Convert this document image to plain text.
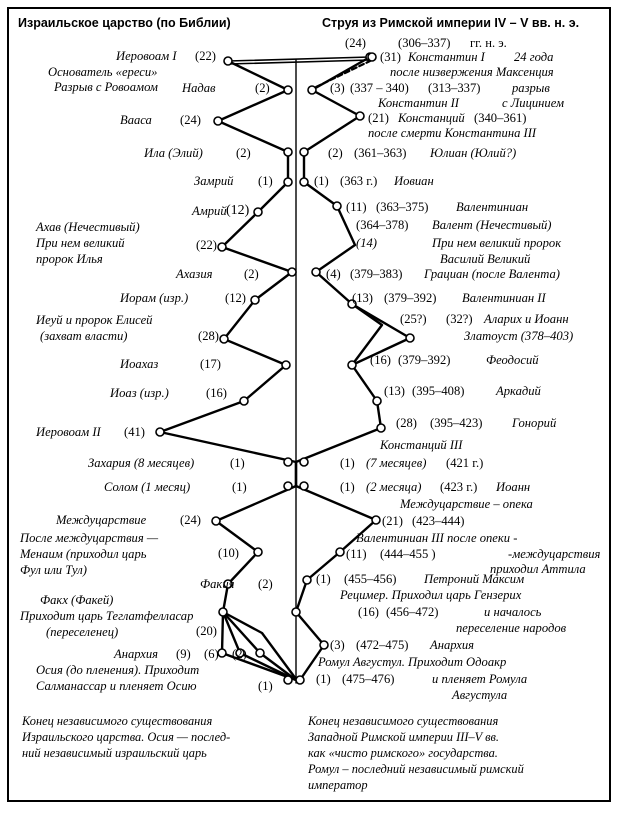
Израильское царство (по Библии)	Струя из Римской империи IV – V вв. н. э.
Иеровоам I (22)
Основатель «ереси»
Надав	(2)
Разрыв с Ровоамом
Вааса (24)
Ила (Элий)	(2)
Замрий (1)
Амрий (12)
Ахав (Нечестивый)
(22)
При нем великий
пророк Илья
Ахазия	(2)
Иорам (изр.)	(12)
Иеуй и пророк Елисей
(28)
(захват власти)
Иоахаз	(17)
Иоаз (изр.)	(16)
Иеровоам II (41)
Захария (8 месяцев)	(1)
Солом (1 месяц)	(1)
Междуцарствие	(24)
После междуцарствия —
Менаим (приходил царь	(10)
Фул или Тул)
Факия (2)
Факх (Факей)
Приходит царь Теглатфелласар
(переселенец)	(20)
Анархия (9) (6) (2)
Осия (до пленения). Приходит
Салманассар и пленяет Осию	(1)
(24)	(306–337) гг. н. э.
(31) Константин I 24 года
после низвержения Максенция
(3) (337 – 340) (313–337)	разрыв
Константин II	с Лицинием
(21) Констанций (340–361)
после смерти Константина III
(2) (361–363) Юлиан (Юлий?)
(1) (363 г.) Иовиан
(11) (363–375) Валентиниан
(364–378) Валент (Нечестивый)
(14)	При нем великий пророк
Василий Великий
(4) (379–383) Грациан (после Валента)
(13) (379–392) Валентиниан II
(25?) (32?) Аларих и Иоанн
Златоуст (378–403)
(16) (379–392)	Феодосий
(13) (395–408)	Аркадий
(28) (395–423) Гонорий
Констанций III
(1) (7 месяцев) (421 г.)
(1) (2 месяца) (423 г.) Иоанн
Междуцарствие – опека
(21) (423–444)
Валентиниан III после опеки -
(11) (444–455 )	-междуцарствия
приходил Аттила
(1) (455–456) Петроний Максим
Рецимер. Приходил царь Гензерих
(16) (456–472)	и началось
переселение народов
(3) (472–475) Анархия
Ромул Августул. Приходит Одоакр
(1) (475–476)	и пленяет Ромула
Августула
Конец независимого существования
Израильского царства. Осия — послед-
ний независимый израильский царь
Конец независимого существования
Западной Римской империи III–V вв.
как «чисто римского» государства.
Ромул – последний независимый римский
император
